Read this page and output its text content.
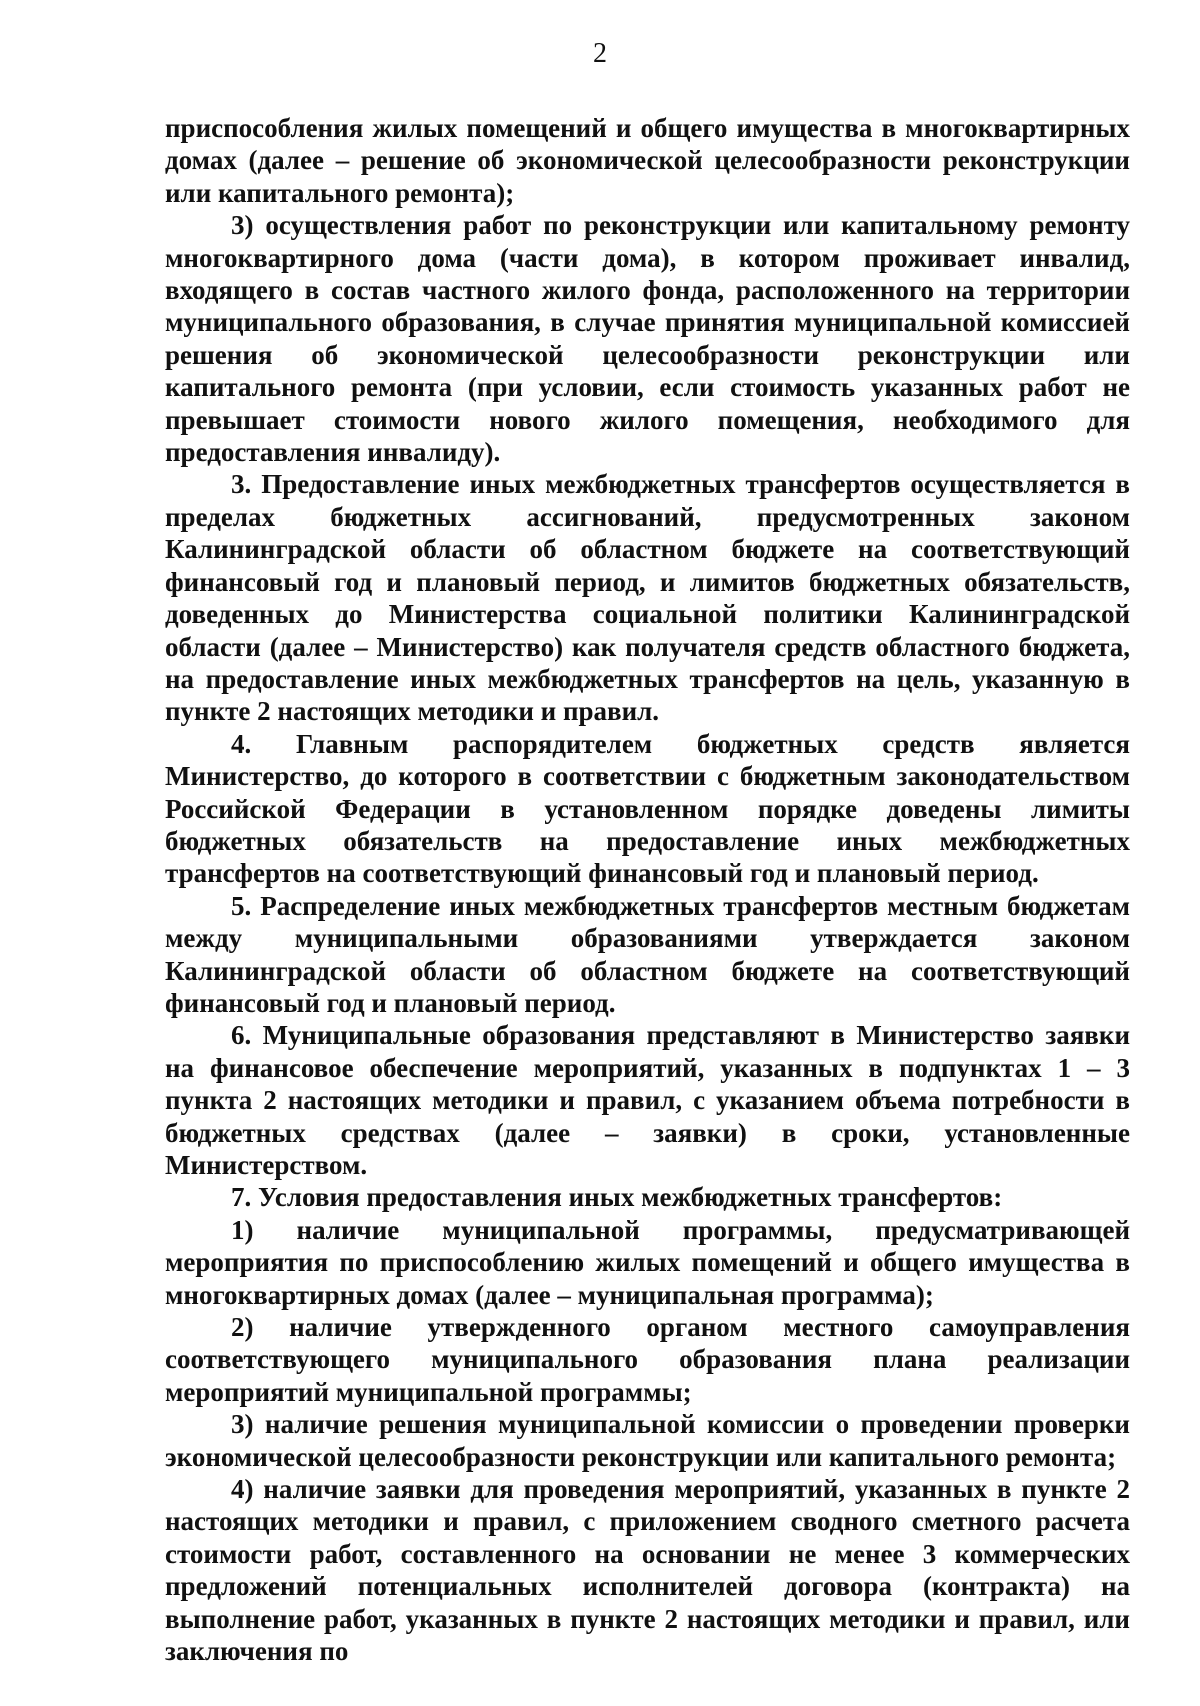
2

приспособления жилых помещений и общего имущества в многоквартирных домах (далее – решение об экономической целесообразности реконструкции или капитального ремонта);

3) осуществления работ по реконструкции или капитальному ремонту многоквартирного дома (части дома), в котором проживает инвалид, входящего в состав частного жилого фонда, расположенного на территории муниципального образования, в случае принятия муниципальной комиссией решения об экономической целесообразности реконструкции или капитального ремонта (при условии, если стоимость указанных работ не превышает стоимости нового жилого помещения, необходимого для предоставления инвалиду).

3. Предоставление иных межбюджетных трансфертов осуществляется в пределах бюджетных ассигнований, предусмотренных законом Калининградской области об областном бюджете на соответствующий финансовый год и плановый период, и лимитов бюджетных обязательств, доведенных до Министерства социальной политики Калининградской области (далее – Министерство) как получателя средств областного бюджета, на предоставление иных межбюджетных трансфертов на цель, указанную в пункте 2 настоящих методики и правил.

4. Главным распорядителем бюджетных средств является Министерство, до которого в соответствии с бюджетным законодательством Российской Федерации в установленном порядке доведены лимиты бюджетных обязательств на предоставление иных межбюджетных трансфертов на соответствующий финансовый год и плановый период.

5. Распределение иных межбюджетных трансфертов местным бюджетам между муниципальными образованиями утверждается законом Калининградской области об областном бюджете на соответствующий финансовый год и плановый период.

6. Муниципальные образования представляют в Министерство заявки на финансовое обеспечение мероприятий, указанных в подпунктах 1 – 3 пункта 2 настоящих методики и правил, с указанием объема потребности в бюджетных средствах (далее – заявки) в сроки, установленные Министерством.

7. Условия предоставления иных межбюджетных трансфертов:

1) наличие муниципальной программы, предусматривающей мероприятия по приспособлению жилых помещений и общего имущества в многоквартирных домах (далее – муниципальная программа);

2) наличие утвержденного органом местного самоуправления соответствующего муниципального образования плана реализации мероприятий муниципальной программы;

3) наличие решения муниципальной комиссии о проведении проверки экономической целесообразности реконструкции или капитального ремонта;

4) наличие заявки для проведения мероприятий, указанных в пункте 2 настоящих методики и правил, с приложением сводного сметного расчета стоимости работ, составленного на основании не менее 3 коммерческих предложений потенциальных исполнителей договора (контракта) на выполнение работ, указанных в пункте 2 настоящих методики и правил, или заключения по
